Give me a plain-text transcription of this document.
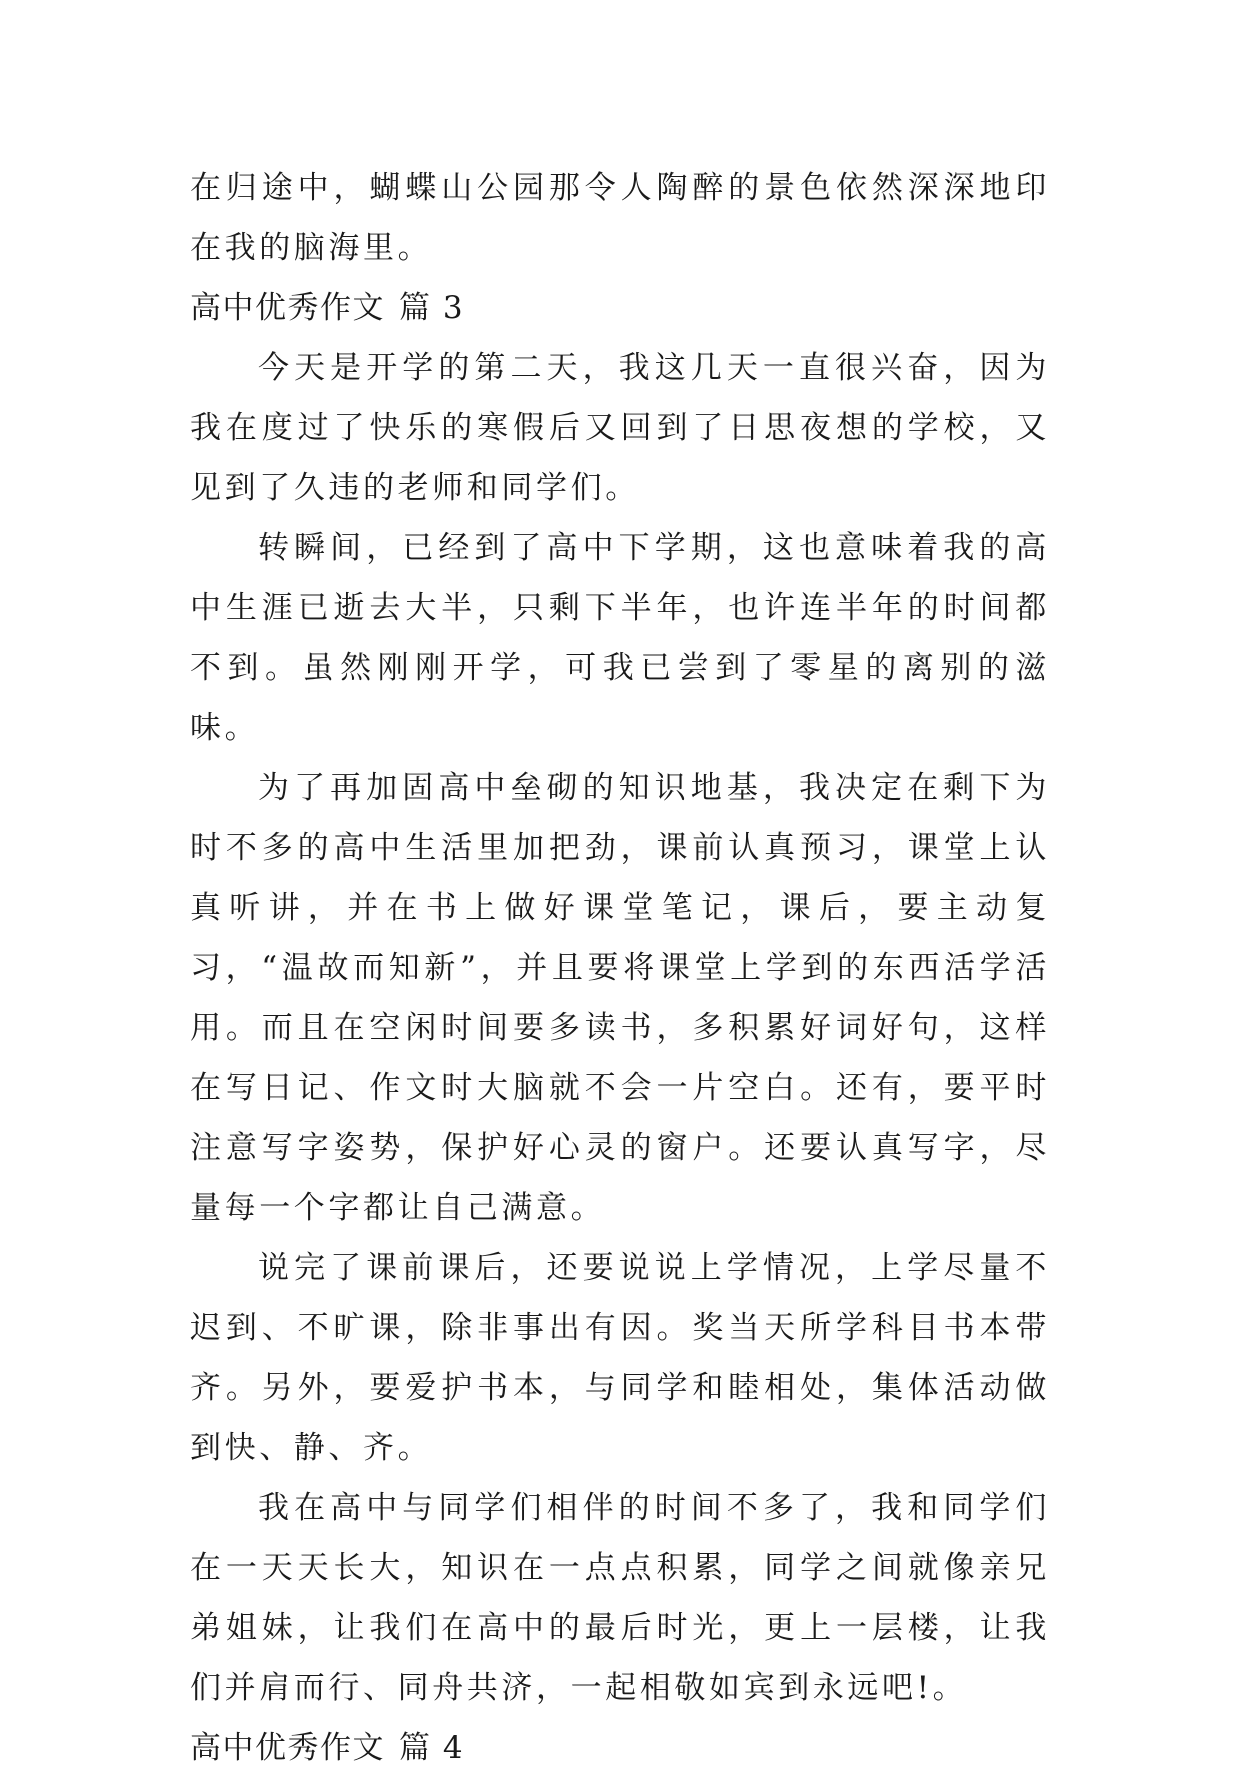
在归途中，蝴蝶山公园那令人陶醉的景色依然深深地印在我的脑海里。

高中优秀作文 篇 3

今天是开学的第二天，我这几天一直很兴奋，因为我在度过了快乐的寒假后又回到了日思夜想的学校，又见到了久违的老师和同学们。

转瞬间，已经到了高中下学期，这也意味着我的高中生涯已逝去大半，只剩下半年，也许连半年的时间都不到。虽然刚刚开学，可我已尝到了零星的离别的滋味。

为了再加固高中垒砌的知识地基，我决定在剩下为时不多的高中生活里加把劲，课前认真预习，课堂上认真听讲，并在书上做好课堂笔记，课后，要主动复习，“温故而知新”，并且要将课堂上学到的东西活学活用。而且在空闲时间要多读书，多积累好词好句，这样在写日记、作文时大脑就不会一片空白。还有，要平时注意写字姿势，保护好心灵的窗户。还要认真写字，尽量每一个字都让自己满意。

说完了课前课后，还要说说上学情况，上学尽量不迟到、不旷课，除非事出有因。奖当天所学科目书本带齐。另外，要爱护书本，与同学和睦相处，集体活动做到快、静、齐。

我在高中与同学们相伴的时间不多了，我和同学们在一天天长大，知识在一点点积累，同学之间就像亲兄弟姐妹，让我们在高中的最后时光，更上一层楼，让我们并肩而行、同舟共济，一起相敬如宾到永远吧!。

高中优秀作文 篇 4
